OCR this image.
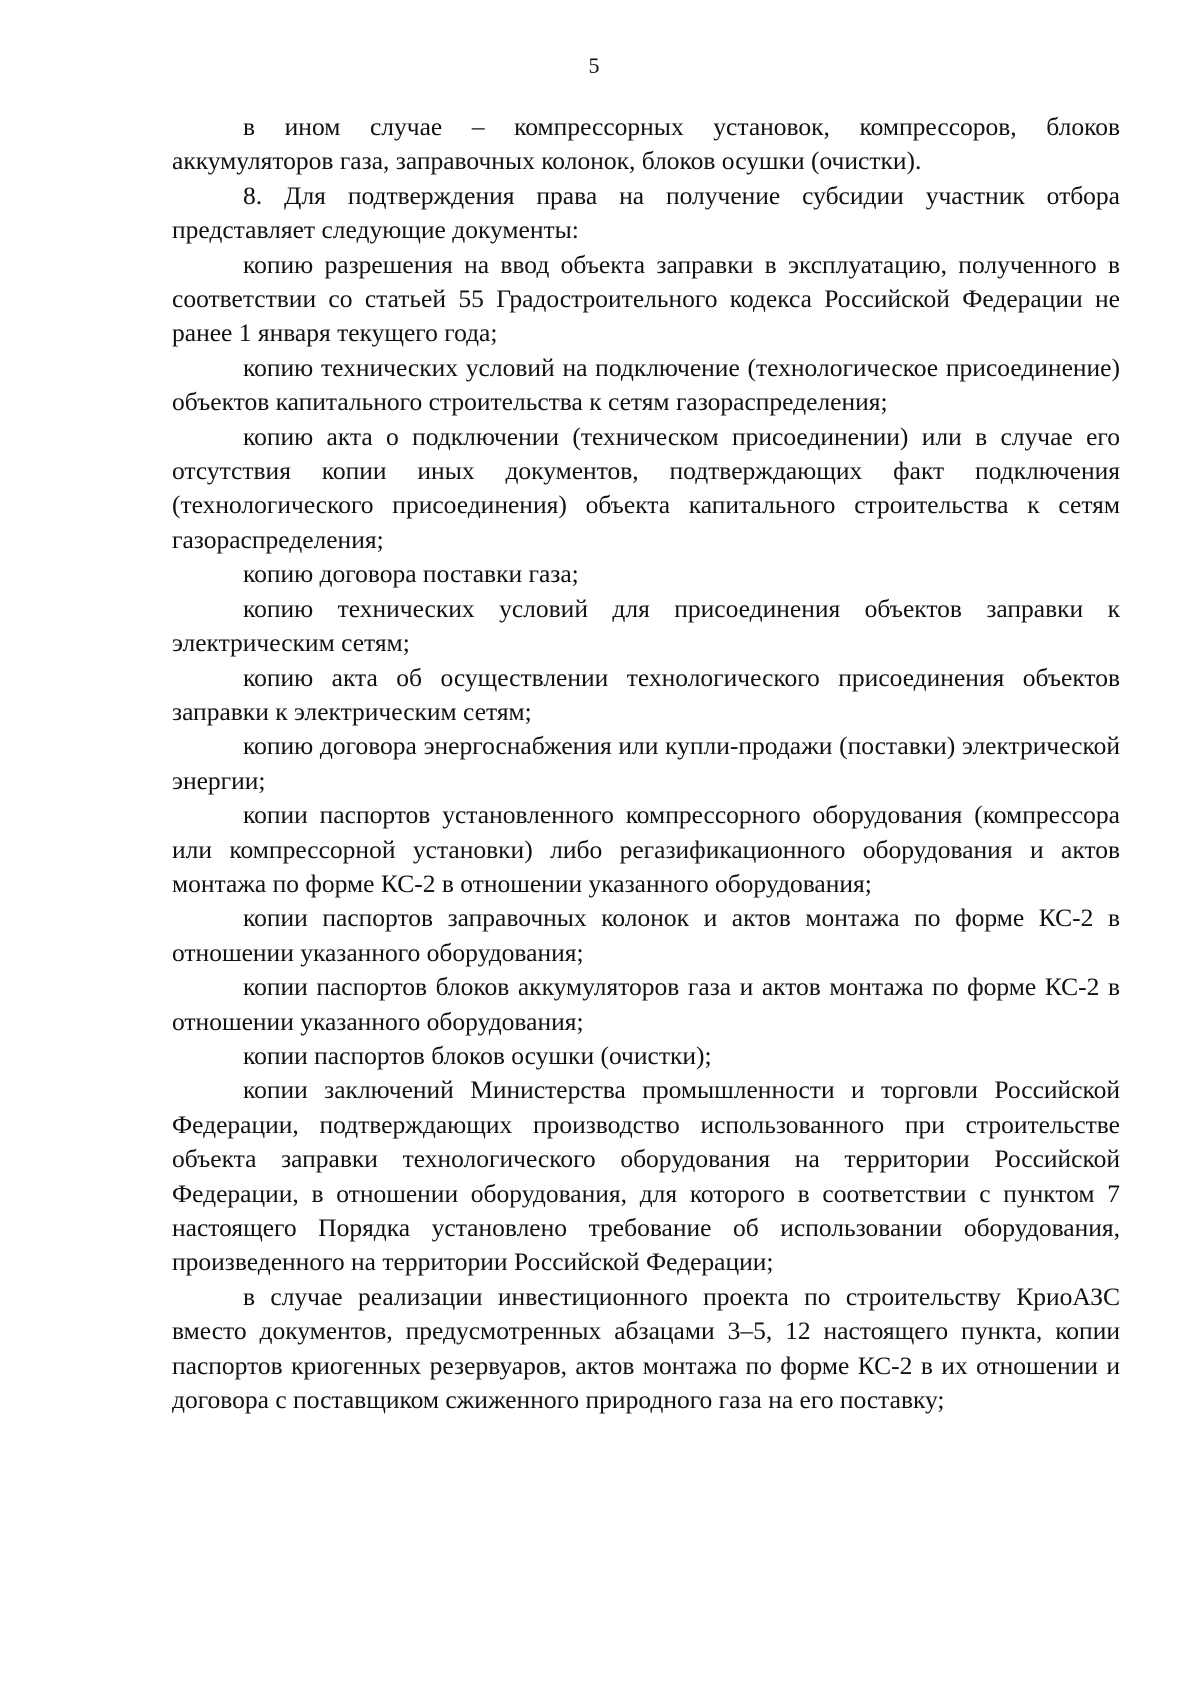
5

в ином случае – компрессорных установок, компрессоров, блоков аккумуляторов газа, заправочных колонок, блоков осушки (очистки).

8. Для подтверждения права на получение субсидии участник отбора представляет следующие документы:

копию разрешения на ввод объекта заправки в эксплуатацию, полученного в соответствии со статьей 55 Градостроительного кодекса Российской Федерации не ранее 1 января текущего года;

копию технических условий на подключение (технологическое присоединение) объектов капитального строительства к сетям газораспределения;

копию акта о подключении (техническом присоединении) или в случае его отсутствия копии иных документов, подтверждающих факт подключения (технологического присоединения) объекта капитального строительства к сетям газораспределения;

копию договора поставки газа;

копию технических условий для присоединения объектов заправки к электрическим сетям;

копию акта об осуществлении технологического присоединения объектов заправки к электрическим сетям;

копию договора энергоснабжения или купли-продажи (поставки) электрической энергии;

копии паспортов установленного компрессорного оборудования (компрессора или компрессорной установки) либо регазификационного оборудования и актов монтажа по форме КС-2 в отношении указанного оборудования;

копии паспортов заправочных колонок и актов монтажа по форме КС-2 в отношении указанного оборудования;

копии паспортов блоков аккумуляторов газа и актов монтажа по форме КС-2 в отношении указанного оборудования;

копии паспортов блоков осушки (очистки);

копии заключений Министерства промышленности и торговли Российской Федерации, подтверждающих производство использованного при строительстве объекта заправки технологического оборудования на территории Российской Федерации, в отношении оборудования, для которого в соответствии с пунктом 7 настоящего Порядка установлено требование об использовании оборудования, произведенного на территории Российской Федерации;

в случае реализации инвестиционного проекта по строительству КриоАЗС вместо документов, предусмотренных абзацами 3–5, 12 настоящего пункта, копии паспортов криогенных резервуаров, актов монтажа по форме КС-2 в их отношении и договора с поставщиком сжиженного природного газа на его поставку;
